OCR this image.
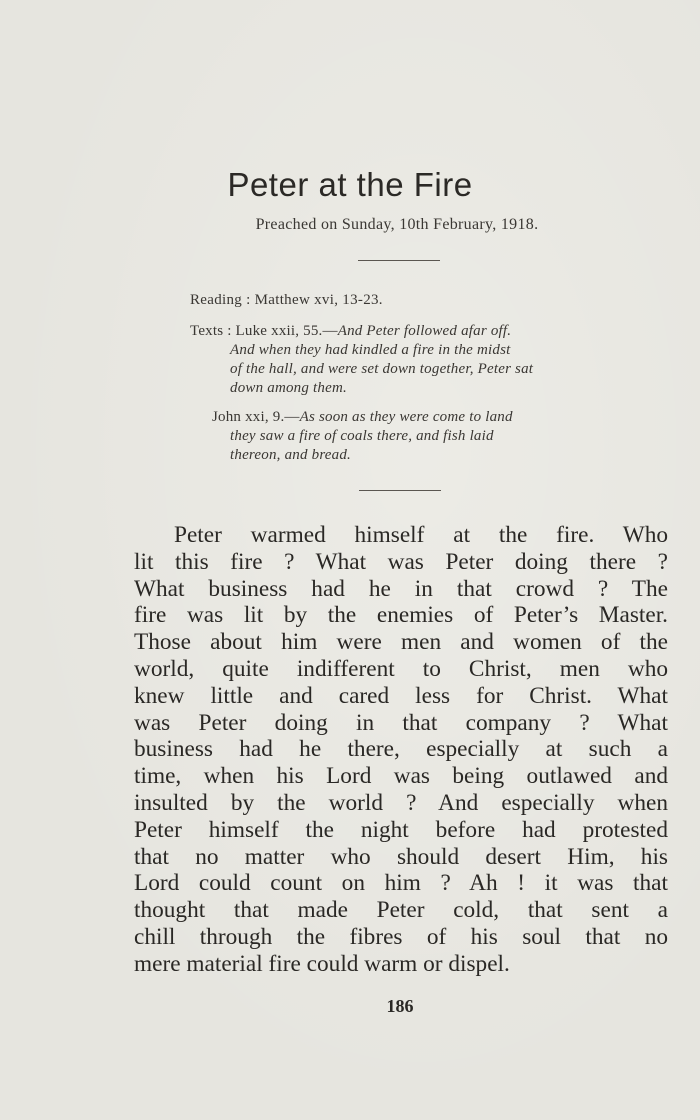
Peter at the Fire
Preached on Sunday, 10th February, 1918.
Reading : Matthew xvi, 13-23.
Texts : Luke xxii, 55.—And Peter followed afar off.
And when they had kindled a fire in the midst
of the hall, and were set down together, Peter sat
down among them.
John xxi, 9.—As soon as they were come to land
they saw a fire of coals there, and fish laid
thereon, and bread.
Peter warmed himself at the fire. Who
lit this fire ? What was Peter doing there ?
What business had he in that crowd ? The
fire was lit by the enemies of Peter’s Master.
Those about him were men and women of the
world, quite indifferent to Christ, men who
knew little and cared less for Christ. What
was Peter doing in that company ? What
business had he there, especially at such a
time, when his Lord was being outlawed and
insulted by the world ? And especially when
Peter himself the night before had protested
that no matter who should desert Him, his
Lord could count on him ? Ah ! it was that
thought that made Peter cold, that sent a
chill through the fibres of his soul that no
mere material fire could warm or dispel.
186
